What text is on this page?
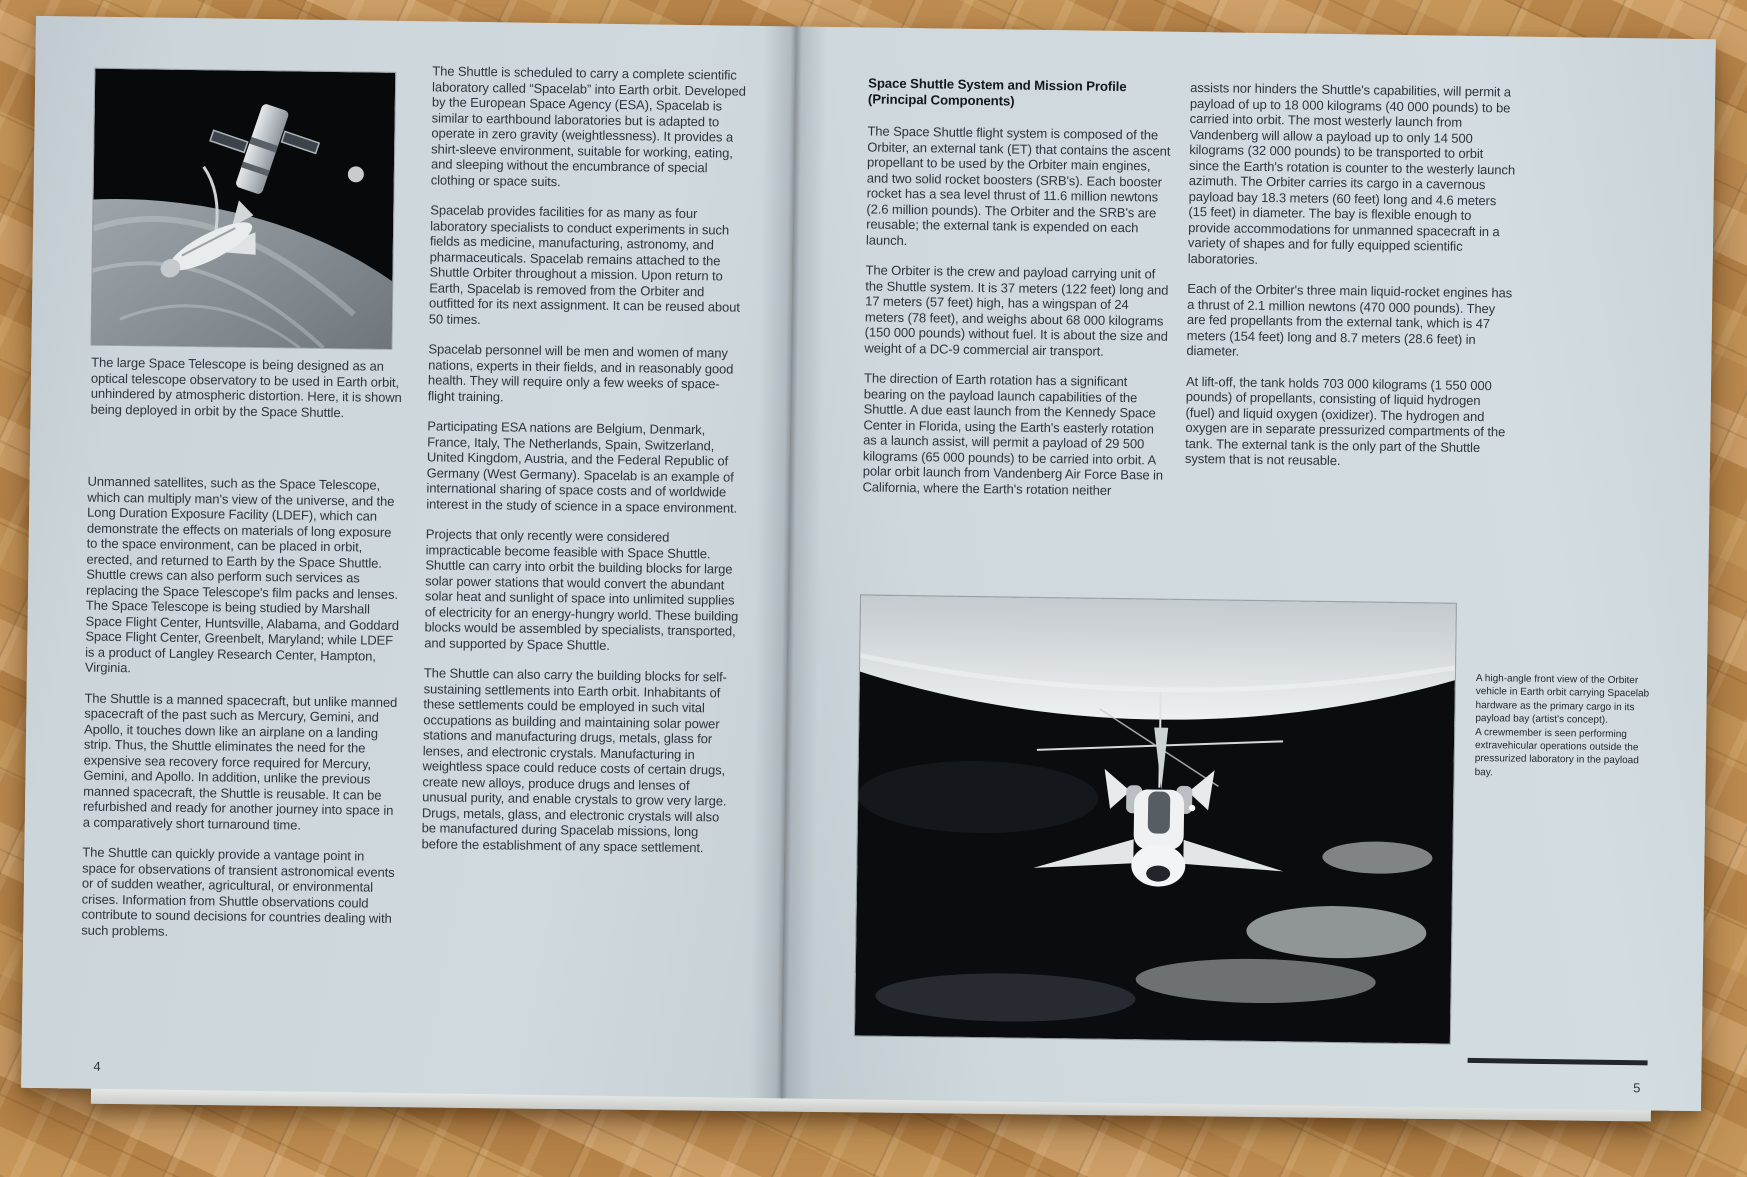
The large Space Telescope is being designed as an optical telescope observatory to be used in Earth orbit, unhindered by atmospheric distortion. Here, it is shown being deployed in orbit by the Space Shuttle.

Unmanned satellites, such as the Space Telescope, which can multiply man's view of the universe, and the Long Duration Exposure Facility (LDEF), which can demonstrate the effects on materials of long exposure to the space environment, can be placed in orbit, erected, and returned to Earth by the Space Shuttle. Shuttle crews can also perform such services as replacing the Space Telescope's film packs and lenses. The Space Telescope is being studied by Marshall Space Flight Center, Huntsville, Alabama, and Goddard Space Flight Center, Greenbelt, Maryland; while LDEF is a product of Langley Research Center, Hampton, Virginia.

The Shuttle is a manned spacecraft, but unlike manned spacecraft of the past such as Mercury, Gemini, and Apollo, it touches down like an airplane on a landing strip. Thus, the Shuttle eliminates the need for the expensive sea recovery force required for Mercury, Gemini, and Apollo. In addition, unlike the previous manned spacecraft, the Shuttle is reusable. It can be refurbished and ready for another journey into space in a comparatively short turnaround time.

The Shuttle can quickly provide a vantage point in space for observations of transient astronomical events or of sudden weather, agricultural, or environmental crises. Information from Shuttle observations could contribute to sound decisions for countries dealing with such problems.

The Shuttle is scheduled to carry a complete scientific laboratory called “Spacelab” into Earth orbit. Developed by the European Space Agency (ESA), Spacelab is similar to earthbound laboratories but is adapted to operate in zero gravity (weightlessness). It provides a shirt-sleeve environment, suitable for working, eating, and sleeping without the encumbrance of special clothing or space suits.

Spacelab provides facilities for as many as four laboratory specialists to conduct experiments in such fields as medicine, manufacturing, astronomy, and pharmaceuticals. Spacelab remains attached to the Shuttle Orbiter throughout a mission. Upon return to Earth, Spacelab is removed from the Orbiter and outfitted for its next assignment. It can be reused about 50 times.

Spacelab personnel will be men and women of many nations, experts in their fields, and in reasonably good health. They will require only a few weeks of space-flight training.

Participating ESA nations are Belgium, Denmark, France, Italy, The Netherlands, Spain, Switzerland, United Kingdom, Austria, and the Federal Republic of Germany (West Germany). Spacelab is an example of international sharing of space costs and of worldwide interest in the study of science in a space environment.

Projects that only recently were considered impracticable become feasible with Space Shuttle. Shuttle can carry into orbit the building blocks for large solar power stations that would convert the abundant solar heat and sunlight of space into unlimited supplies of electricity for an energy-hungry world. These building blocks would be assembled by specialists, transported, and supported by Space Shuttle.

The Shuttle can also carry the building blocks for self-sustaining settlements into Earth orbit. Inhabitants of these settlements could be employed in such vital occupations as building and maintaining solar power stations and manufacturing drugs, metals, glass for lenses, and electronic crystals. Manufacturing in weightless space could reduce costs of certain drugs, create new alloys, produce drugs and lenses of unusual purity, and enable crystals to grow very large. Drugs, metals, glass, and electronic crystals will also be manufactured during Spacelab missions, long before the establishment of any space settlement.

4
Space Shuttle System and Mission Profile
(Principal Components)

The Space Shuttle flight system is composed of the Orbiter, an external tank (ET) that contains the ascent propellant to be used by the Orbiter main engines, and two solid rocket boosters (SRB's). Each booster rocket has a sea level thrust of 11.6 million newtons (2.6 million pounds). The Orbiter and the SRB's are reusable; the external tank is expended on each launch.

The Orbiter is the crew and payload carrying unit of the Shuttle system. It is 37 meters (122 feet) long and 17 meters (57 feet) high, has a wingspan of 24 meters (78 feet), and weighs about 68 000 kilograms (150 000 pounds) without fuel. It is about the size and weight of a DC-9 commercial air transport.

The direction of Earth rotation has a significant bearing on the payload launch capabilities of the Shuttle. A due east launch from the Kennedy Space Center in Florida, using the Earth's easterly rotation as a launch assist, will permit a payload of 29 500 kilograms (65 000 pounds) to be carried into orbit. A polar orbit launch from Vandenberg Air Force Base in California, where the Earth's rotation neither

assists nor hinders the Shuttle's capabilities, will permit a payload of up to 18 000 kilograms (40 000 pounds) to be carried into orbit. The most westerly launch from Vandenberg will allow a payload up to only 14 500 kilograms (32 000 pounds) to be transported to orbit since the Earth's rotation is counter to the westerly launch azimuth. The Orbiter carries its cargo in a cavernous payload bay 18.3 meters (60 feet) long and 4.6 meters (15 feet) in diameter. The bay is flexible enough to provide accommodations for unmanned spacecraft in a variety of shapes and for fully equipped scientific laboratories.

Each of the Orbiter's three main liquid-rocket engines has a thrust of 2.1 million newtons (470 000 pounds). They are fed propellants from the external tank, which is 47 meters (154 feet) long and 8.7 meters (28.6 feet) in diameter.

At lift-off, the tank holds 703 000 kilograms (1 550 000 pounds) of propellants, consisting of liquid hydrogen (fuel) and liquid oxygen (oxidizer). The hydrogen and oxygen are in separate pressurized compartments of the tank. The external tank is the only part of the Shuttle system that is not reusable.

A high-angle front view of the Orbiter vehicle in Earth orbit carrying Spacelab hardware as the primary cargo in its payload bay (artist's concept).

A crewmember is seen performing extravehicular operations outside the pressurized laboratory in the payload bay.

5
